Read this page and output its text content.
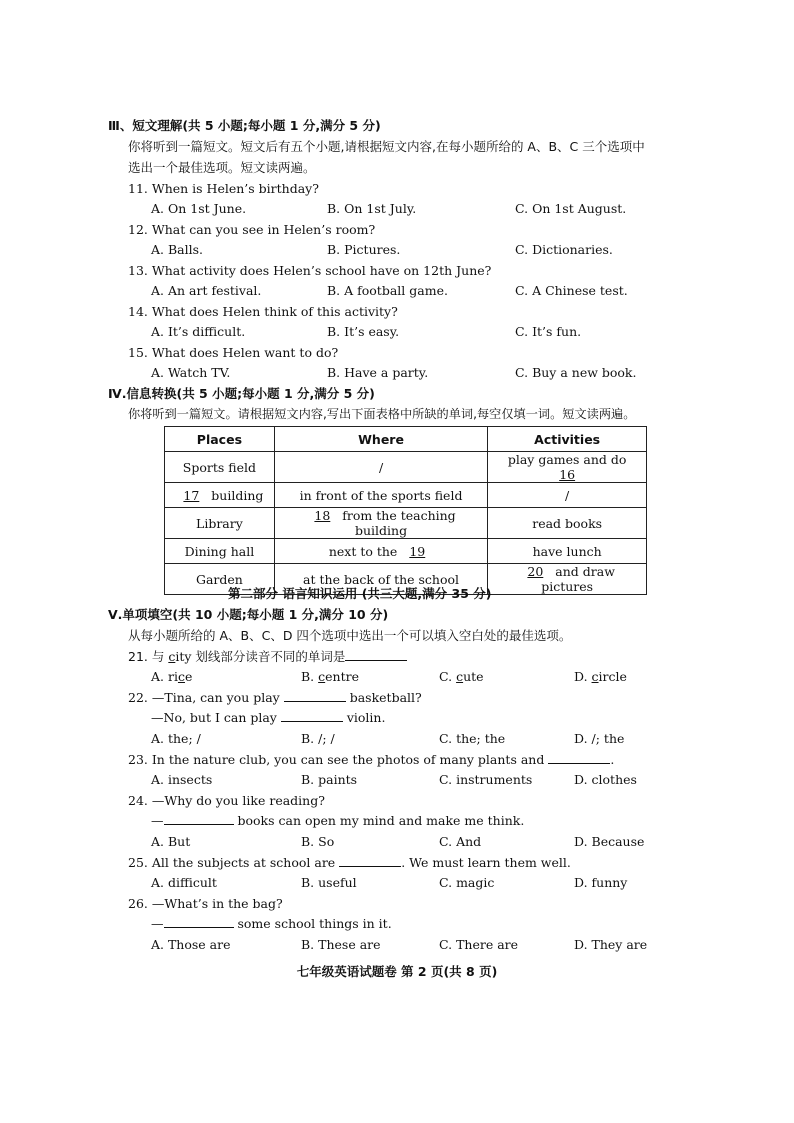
Ⅲ、短文理解(共 5 小题;每小题 1 分,满分 5 分)
你将听到一篇短文。短文后有五个小题,请根据短文内容,在每小题所给的 A、B、C 三个选项中
选出一个最佳选项。短文读两遍。
11. When is Helen’s birthday?
A. On 1st June.	B. On 1st July.	C. On 1st August.
12. What can you see in Helen’s room?
A. Balls.	B. Pictures.	C. Dictionaries.
13. What activity does Helen’s school have on 12th June?
A. An art festival.	B. A football game.	C. A Chinese test.
14. What does Helen think of this activity?
A. It’s difficult.	B. It’s easy.	C. It’s fun.
15. What does Helen want to do?
A. Watch TV.	B. Have a party.	C. Buy a new book.
Ⅳ.信息转换(共 5 小题;每小题 1 分,满分 5 分)
你将听到一篇短文。请根据短文内容,写出下面表格中所缺的单词,每空仅填一词。短文读两遍。
Places	Where	Activities
Sports field	/	play games and do 16
17 building	in front of the sports field	/
Library	18 from the teaching building	read books
Dining hall	next to the 19	have lunch
Garden	at the back of the school	20 and draw pictures
第二部分 语言知识运用 (共三大题,满分 35 分)
Ⅴ.单项填空(共 10 小题;每小题 1 分,满分 10 分)
从每小题所给的 A、B、C、D 四个选项中选出一个可以填入空白处的最佳选项。
21. 与 city 划线部分读音不同的单词是
A. rice	B. centre	C. cute	D. circle
22. —Tina, can you play	basketball?
—No, but I can play	violin.
A. the; /	B. /; /	C. the; the	D. /; the
23. In the nature club, you can see the photos of many plants and	.
A. insects	B. paints	C. instruments	D. clothes
24. —Why do you like reading?
—	books can open my mind and make me think.
A. But	B. So	C. And	D. Because
25. All the subjects at school are	. We must learn them well.
A. difficult	B. useful	C. magic	D. funny
26. —What’s in the bag?
—	some school things in it.
A. Those are	B. These are	C. There are	D. They are
七年级英语试题卷 第 2 页(共 8 页)
